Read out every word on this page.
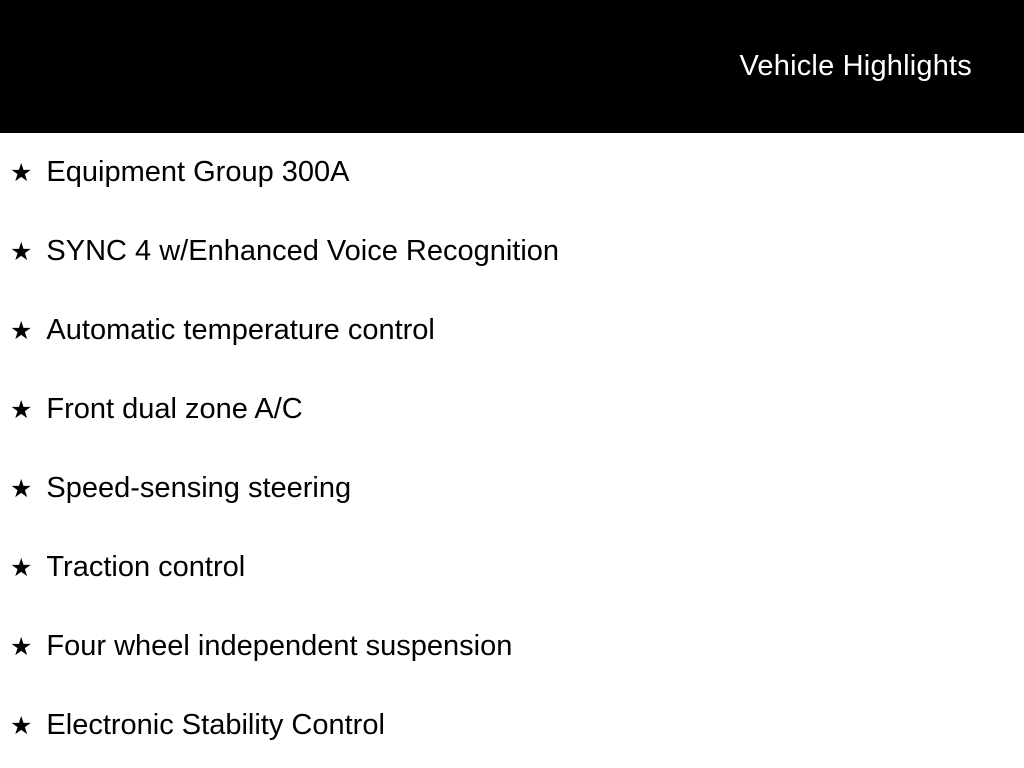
Vehicle Highlights
★ Equipment Group 300A
★ SYNC 4 w/Enhanced Voice Recognition
★ Automatic temperature control
★ Front dual zone A/C
★ Speed-sensing steering
★ Traction control
★ Four wheel independent suspension
★ Electronic Stability Control
